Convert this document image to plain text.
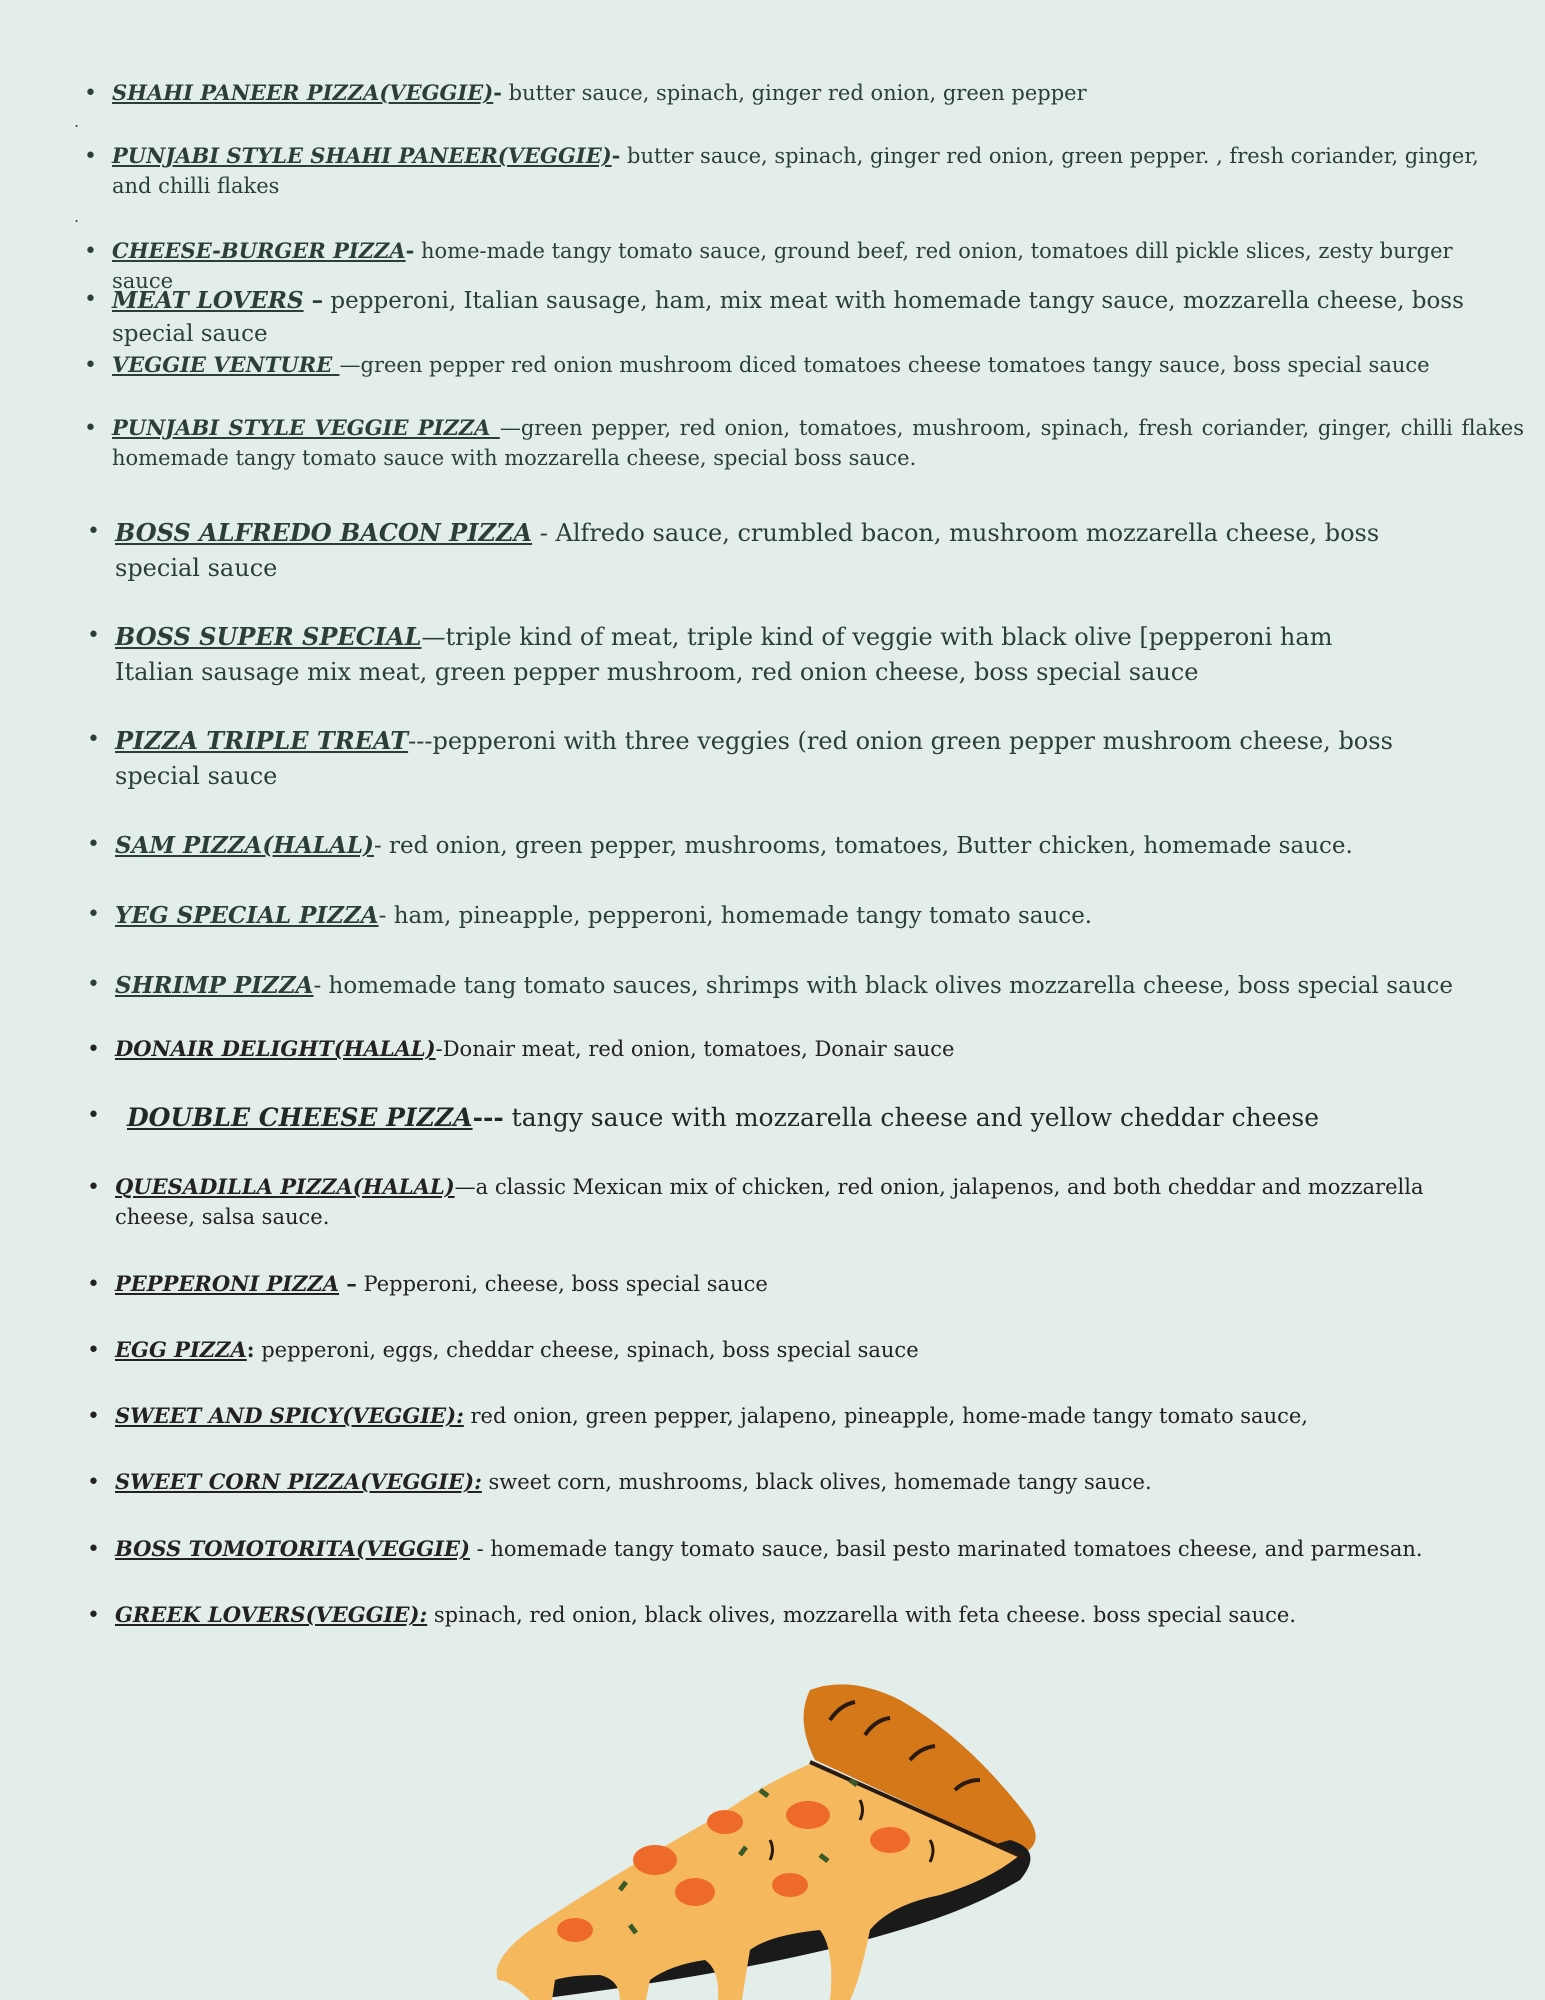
• SHAHI PANEER PIZZA(VEGGIE)- butter sauce, spinach, ginger red onion, green pepper
.
• PUNJABI STYLE SHAHI PANEER(VEGGIE)- butter sauce, spinach, ginger red onion, green pepper. , fresh coriander, ginger, and chilli flakes
.
• CHEESE-BURGER PIZZA- home-made tangy tomato sauce, ground beef, red onion, tomatoes dill pickle slices, zesty burger sauce
• MEAT LOVERS – pepperoni, Italian sausage, ham, mix meat with homemade tangy sauce, mozzarella cheese, boss special sauce
• VEGGIE VENTURE —green pepper red onion mushroom diced tomatoes cheese tomatoes tangy sauce, boss special sauce
• PUNJABI STYLE VEGGIE PIZZA —green pepper, red onion, tomatoes, mushroom, spinach, fresh coriander, ginger, chilli flakes homemade tangy tomato sauce with mozzarella cheese, special boss sauce.
• BOSS ALFREDO BACON PIZZA - Alfredo sauce, crumbled bacon, mushroom mozzarella cheese, boss special sauce
• BOSS SUPER SPECIAL—triple kind of meat, triple kind of veggie with black olive [pepperoni ham Italian sausage mix meat, green pepper mushroom, red onion cheese, boss special sauce
• PIZZA TRIPLE TREAT---pepperoni with three veggies (red onion green pepper mushroom cheese, boss special sauce
• SAM PIZZA(HALAL)- red onion, green pepper, mushrooms, tomatoes, Butter chicken, homemade sauce.
• YEG SPECIAL PIZZA- ham, pineapple, pepperoni, homemade tangy tomato sauce.
• SHRIMP PIZZA- homemade tang tomato sauces, shrimps with black olives mozzarella cheese, boss special sauce
• DONAIR DELIGHT(HALAL)-Donair meat, red onion, tomatoes, Donair sauce
•	DOUBLE CHEESE PIZZA--- tangy sauce with mozzarella cheese and yellow cheddar cheese
• QUESADILLA PIZZA(HALAL)—a classic Mexican mix of chicken, red onion, jalapenos, and both cheddar and mozzarella cheese, salsa sauce.
• PEPPERONI PIZZA – Pepperoni, cheese, boss special sauce
• EGG PIZZA: pepperoni, eggs, cheddar cheese, spinach, boss special sauce
• SWEET AND SPICY(VEGGIE): red onion, green pepper, jalapeno, pineapple, home-made tangy tomato sauce,
• SWEET CORN PIZZA(VEGGIE): sweet corn, mushrooms, black olives, homemade tangy sauce.
• BOSS TOMOTORITA(VEGGIE) - homemade tangy tomato sauce, basil pesto marinated tomatoes cheese, and parmesan.
• GREEK LOVERS(VEGGIE): spinach, red onion, black olives, mozzarella with feta cheese. boss special sauce.
